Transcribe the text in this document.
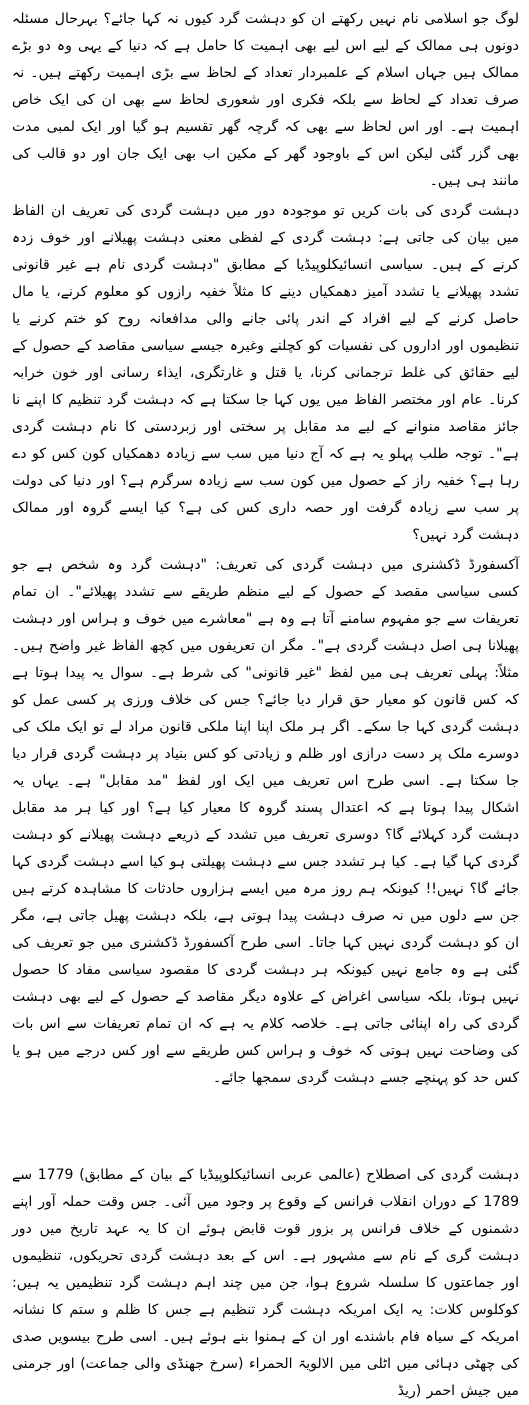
لوگ جو اسلامی نام نہیں رکھتے ان کو دہشت گرد کیوں نہ کہا جائے؟ بہرحال مسئلہ دونوں ہی ممالک کے لیے اس لیے بھی اہمیت کا حامل ہے کہ دنیا کے یہی وہ دو بڑے ممالک ہیں جہاں اسلام کے علمبردار تعداد کے لحاظ سے بڑی اہمیت رکھتے ہیں۔ نہ صرف تعداد کے لحاظ سے بلکہ فکری اور شعوری لحاظ سے بھی ان کی ایک خاص اہمیت ہے۔ اور اس لحاظ سے بھی کہ گرچہ گھر تقسیم ہو گیا اور ایک لمبی مدت بھی گزر گئی لیکن اس کے باوجود گھر کے مکین اب بھی ایک جان اور دو قالب کی مانند ہی ہیں۔

دہشت گردی کی بات کریں تو موجودہ دور میں دہشت گردی کی تعریف ان الفاظ میں بیان کی جاتی ہے: دہشت گردی کے لفظی معنی دہشت پھیلانے اور خوف زدہ کرنے کے ہیں۔ سیاسی انسائیکلوپیڈیا کے مطابق "دہشت گردی نام ہے غیر قانونی تشدد پھیلانے یا تشدد آمیز دھمکیاں دینے کا مثلاً خفیہ رازوں کو معلوم کرنے، یا مال حاصل کرنے کے لیے افراد کے اندر پائی جانے والی مدافعانہ روح کو ختم کرنے یا تنظیموں اور اداروں کی نفسیات کو کچلنے وغیرہ جیسے سیاسی مقاصد کے حصول کے لیے حقائق کی غلط ترجمانی کرنا، یا قتل و غارتگری، ایذاء رسانی اور خون خرابہ کرنا۔ عام اور مختصر الفاظ میں یوں کہا جا سکتا ہے کہ دہشت گرد تنظیم کا اپنے نا جائز مقاصد منوانے کے لیے مد مقابل پر سختی اور زبردستی کا نام دہشت گردی ہے"۔ توجہ طلب پہلو یہ ہے کہ آج دنیا میں سب سے زیادہ دھمکیاں کون کس کو دے رہا ہے؟ خفیہ راز کے حصول میں کون سب سے زیادہ سرگرم ہے؟ اور دنیا کی دولت پر سب سے زیادہ گرفت اور حصہ داری کس کی ہے؟ کیا ایسے گروہ اور ممالک دہشت گرد نہیں؟

آکسفورڈ ڈکشنری میں دہشت گردی کی تعریف: "دہشت گرد وہ شخص ہے جو کسی سیاسی مقصد کے حصول کے لیے منظم طریقے سے تشدد پھیلائے"۔ ان تمام تعریفات سے جو مفہوم سامنے آتا ہے وہ ہے "معاشرے میں خوف و ہراس اور دہشت پھیلانا ہی اصل دہشت گردی ہے"۔ مگر ان تعریفوں میں کچھ الفاظ غیر واضح ہیں۔ مثلاً: پہلی تعریف ہی میں لفظ "غیر قانونی" کی شرط ہے۔ سوال یہ پیدا ہوتا ہے کہ کس قانون کو معیار حق قرار دیا جائے؟ جس کی خلاف ورزی پر کسی عمل کو دہشت گردی کہا جا سکے۔ اگر ہر ملک اپنا اپنا ملکی قانون مراد لے تو ایک ملک کی دوسرے ملک پر دست درازی اور ظلم و زیادتی کو کس بنیاد پر دہشت گردی قرار دیا جا سکتا ہے۔ اسی طرح اس تعریف میں ایک اور لفظ "مد مقابل" ہے۔ یہاں یہ اشکال پیدا ہوتا ہے کہ اعتدال پسند گروہ کا معیار کیا ہے؟ اور کیا ہر مد مقابل دہشت گرد کہلائے گا؟ دوسری تعریف میں تشدد کے ذریعے دہشت پھیلانے کو دہشت گردی کہا گیا ہے۔ کیا ہر تشدد جس سے دہشت پھیلتی ہو کیا اسے دہشت گردی کہا جائے گا؟ نہیں!! کیونکہ ہم روز مرہ میں ایسے ہزاروں حادثات کا مشاہدہ کرتے ہیں جن سے دلوں میں نہ صرف دہشت پیدا ہوتی ہے، بلکہ دہشت پھیل جاتی ہے، مگر ان کو دہشت گردی نہیں کہا جاتا۔ اسی طرح آکسفورڈ ڈکشنری میں جو تعریف کی گئی ہے وہ جامع نہیں کیونکہ ہر دہشت گردی کا مقصود سیاسی مفاد کا حصول نہیں ہوتا، بلکہ سیاسی اغراض کے علاوہ دیگر مقاصد کے حصول کے لیے بھی دہشت گردی کی راہ اپنائی جاتی ہے۔ خلاصہ کلام یہ ہے کہ ان تمام تعریفات سے اس بات کی وضاحت نہیں ہوتی کہ خوف و ہراس کس طریقے سے اور کس درجے میں ہو یا کس حد کو پہنچے جسے دہشت گردی سمجھا جائے۔

دہشت گردی کی اصطلاح (عالمی عربی انسائیکلوپیڈیا کے بیان کے مطابق) 1779 سے 1789 کے دوران انقلاب فرانس کے وقوع پر وجود میں آئی۔ جس وقت حملہ آور اپنے دشمنوں کے خلاف فرانس پر بزور قوت قابض ہوئے ان کا یہ عہد تاریخ میں دور دہشت گری کے نام سے مشہور ہے۔ اس کے بعد دہشت گردی تحریکوں، تنظیموں اور جماعتوں کا سلسلہ شروع ہوا، جن میں چند اہم دہشت گرد تنظیمیں یہ ہیں: کوکلوس کلات: یہ ایک امریکہ دہشت گرد تنظیم ہے جس کا ظلم و ستم کا نشانہ امریکہ کے سیاہ فام باشندے اور ان کے ہمنوا بنے ہوئے ہیں۔ اسی طرح بیسویں صدی کی چھٹی دہائی میں اٹلی میں الالویۃ الحمراء (سرخ جھنڈی والی جماعت) اور جرمنی میں جیش احمر (ریڈ
